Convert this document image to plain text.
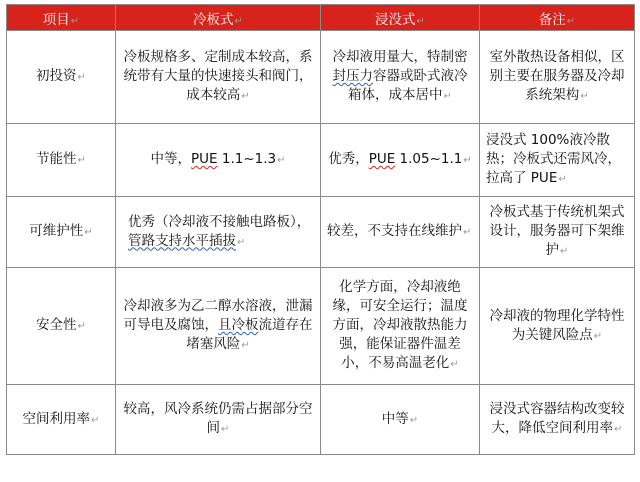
项目↵	冷板式↵	浸没式↵	备注↵
初投资↵	冷板规格多、定制成本较高，系统带有大量的快速接头和阀门，成本较高↵	冷却液用量大，特制密封压力容器或卧式液冷箱体，成本居中↵	室外散热设备相似，区别主要在服务器及冷却系统架构↵
节能性↵	中等，PUE 1.1~1.3↵	优秀，PUE 1.05~1.1↵	浸没式 100%液冷散热；冷板式还需风冷，拉高了 PUE↵
可维护性↵	优秀（冷却液不接触电路板），管路支持水平插拔↵	较差，不支持在线维护↵	冷板式基于传统机架式设计，服务器可下架维护↵
安全性↵	冷却液多为乙二醇水溶液，泄漏可导电及腐蚀，且冷板流道存在堵塞风险↵	化学方面，冷却液绝缘，可安全运行；温度方面，冷却液散热能力强，能保证器件温差小，不易高温老化↵	冷却液的物理化学特性为关键风险点↵
空间利用率↵	较高，风冷系统仍需占据部分空间↵	中等↵	浸没式容器结构改变较大，降低空间利用率↵
